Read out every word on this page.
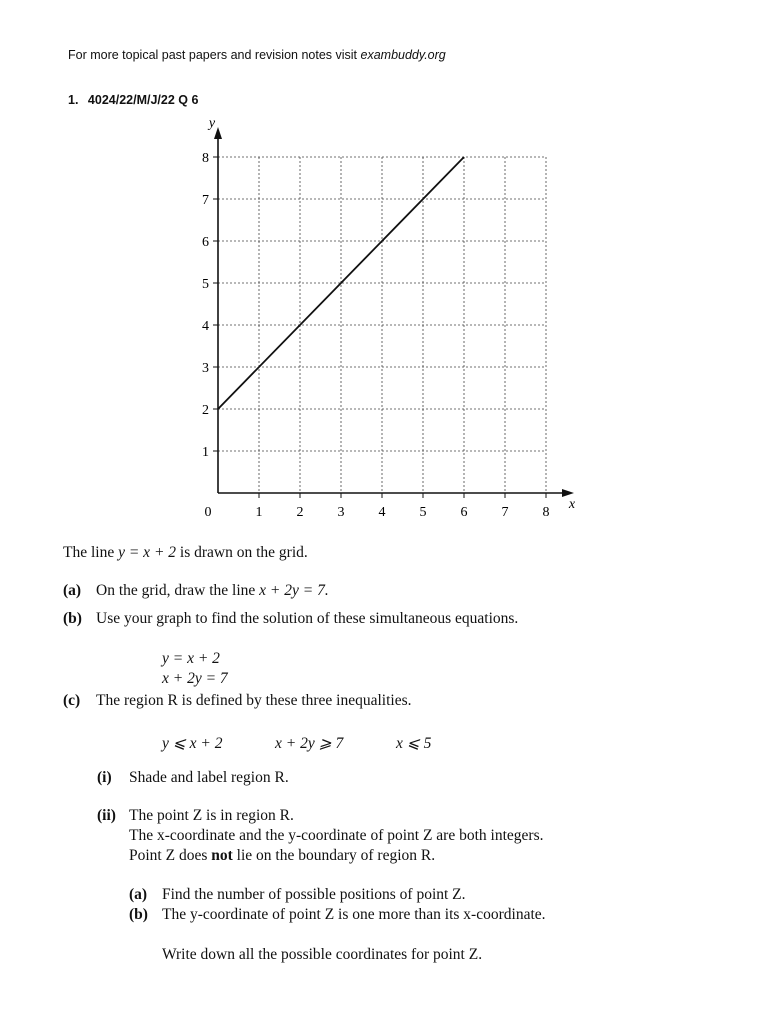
For more topical past papers and revision notes visit exambuddy.org
1. 4024/22/M/J/22 Q 6
0	1 2 3 4 5 6 7 8
1
2
3
4
5
6
7
8
x
y
The line y = x + 2 is drawn on the grid.
(a) On the grid, draw the line x + 2y = 7.
(b) Use your graph to find the solution of these simultaneous equations.
y = x + 2
x + 2y = 7
(c) The region R is defined by these three inequalities.
y ⩽ x + 2	x + 2y ⩾ 7	x ⩽ 5
(i) Shade and label region R.
(ii) The point Z is in region R.
The x-coordinate and the y-coordinate of point Z are both integers.
Point Z does not lie on the boundary of region R.
(a) Find the number of possible positions of point Z.
(b) The y-coordinate of point Z is one more than its x-coordinate.
Write down all the possible coordinates for point Z.
